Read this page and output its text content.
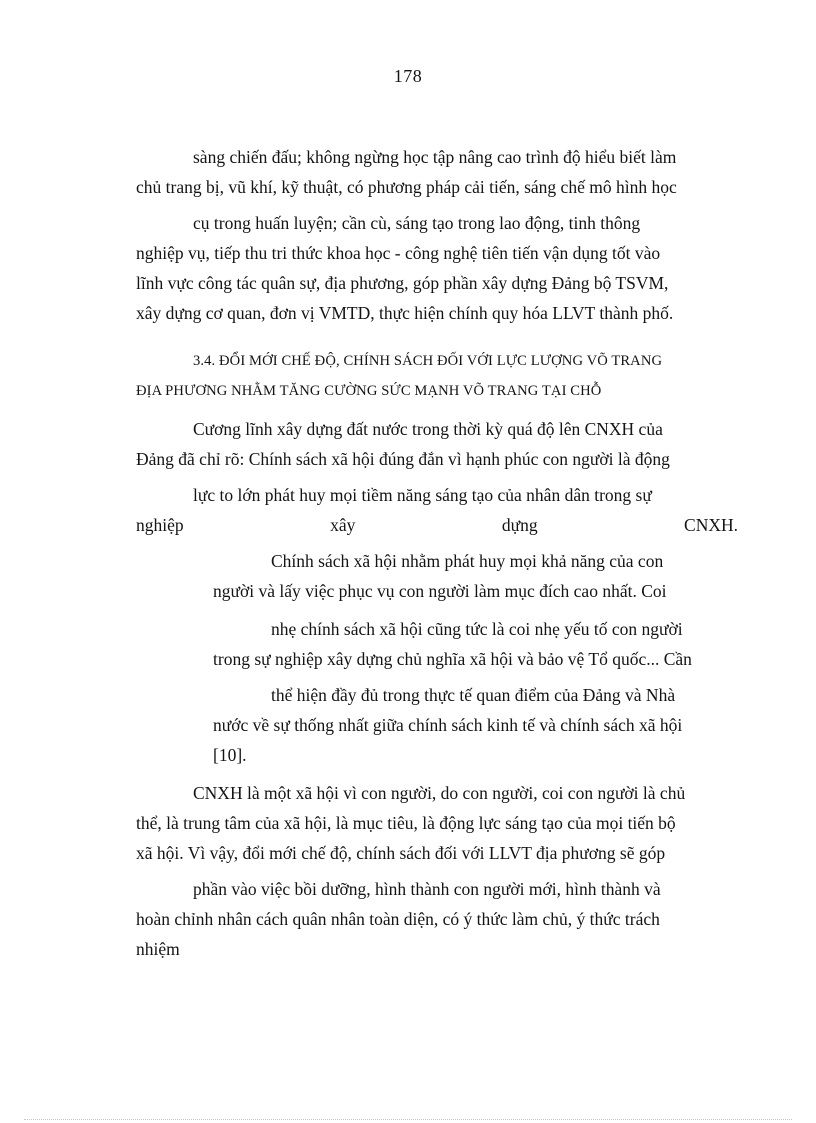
178
sàng chiến đấu; không ngừng học tập nâng cao trình độ hiểu biết làm
chủ trang bị, vũ khí, kỹ thuật, có phương pháp cải tiến, sáng chế mô hình học
cụ trong huấn luyện; cần cù, sáng tạo trong lao động, tinh thông
nghiệp vụ, tiếp thu tri thức khoa học - công nghệ tiên tiến vận dụng tốt vào
lĩnh vực công tác quân sự, địa phương, góp phần xây dựng Đảng bộ TSVM,
xây dựng cơ quan, đơn vị VMTD, thực hiện chính quy hóa LLVT thành phố.
3.4. ĐỔI MỚI CHẾ ĐỘ, CHÍNH SÁCH ĐỐI VỚI LỰC LƯỢNG VÕ TRANG
ĐỊA PHƯƠNG NHẰM TĂNG CƯỜNG SỨC MẠNH VÕ TRANG TẠI CHỖ
Cương lĩnh xây dựng đất nước trong thời kỳ quá độ lên CNXH của
Đảng đã chỉ rõ: Chính sách xã hội đúng đắn vì hạnh phúc con người là động
lực to lớn phát huy mọi tiềm năng sáng tạo của nhân dân trong sự
nghiệp	xây	dựng	CNXH.
Chính sách xã hội nhằm phát huy mọi khả năng của con
người và lấy việc phục vụ con người làm mục đích cao nhất. Coi
nhẹ chính sách xã hội cũng tức là coi nhẹ yếu tố con người
trong sự nghiệp xây dựng chủ nghĩa xã hội và bảo vệ Tổ quốc... Cần
thể hiện đầy đủ trong thực tế quan điểm của Đảng và Nhà
nước về sự thống nhất giữa chính sách kinh tế và chính sách xã hội
[10].
CNXH là một xã hội vì con người, do con người, coi con người là chủ
thể, là trung tâm của xã hội, là mục tiêu, là động lực sáng tạo của mọi tiến bộ
xã hội. Vì vậy, đổi mới chế độ, chính sách đối với LLVT địa phương sẽ góp
phần vào việc bồi dưỡng, hình thành con người mới, hình thành và
hoàn chỉnh nhân cách quân nhân toàn diện, có ý thức làm chủ, ý thức trách
nhiệm
